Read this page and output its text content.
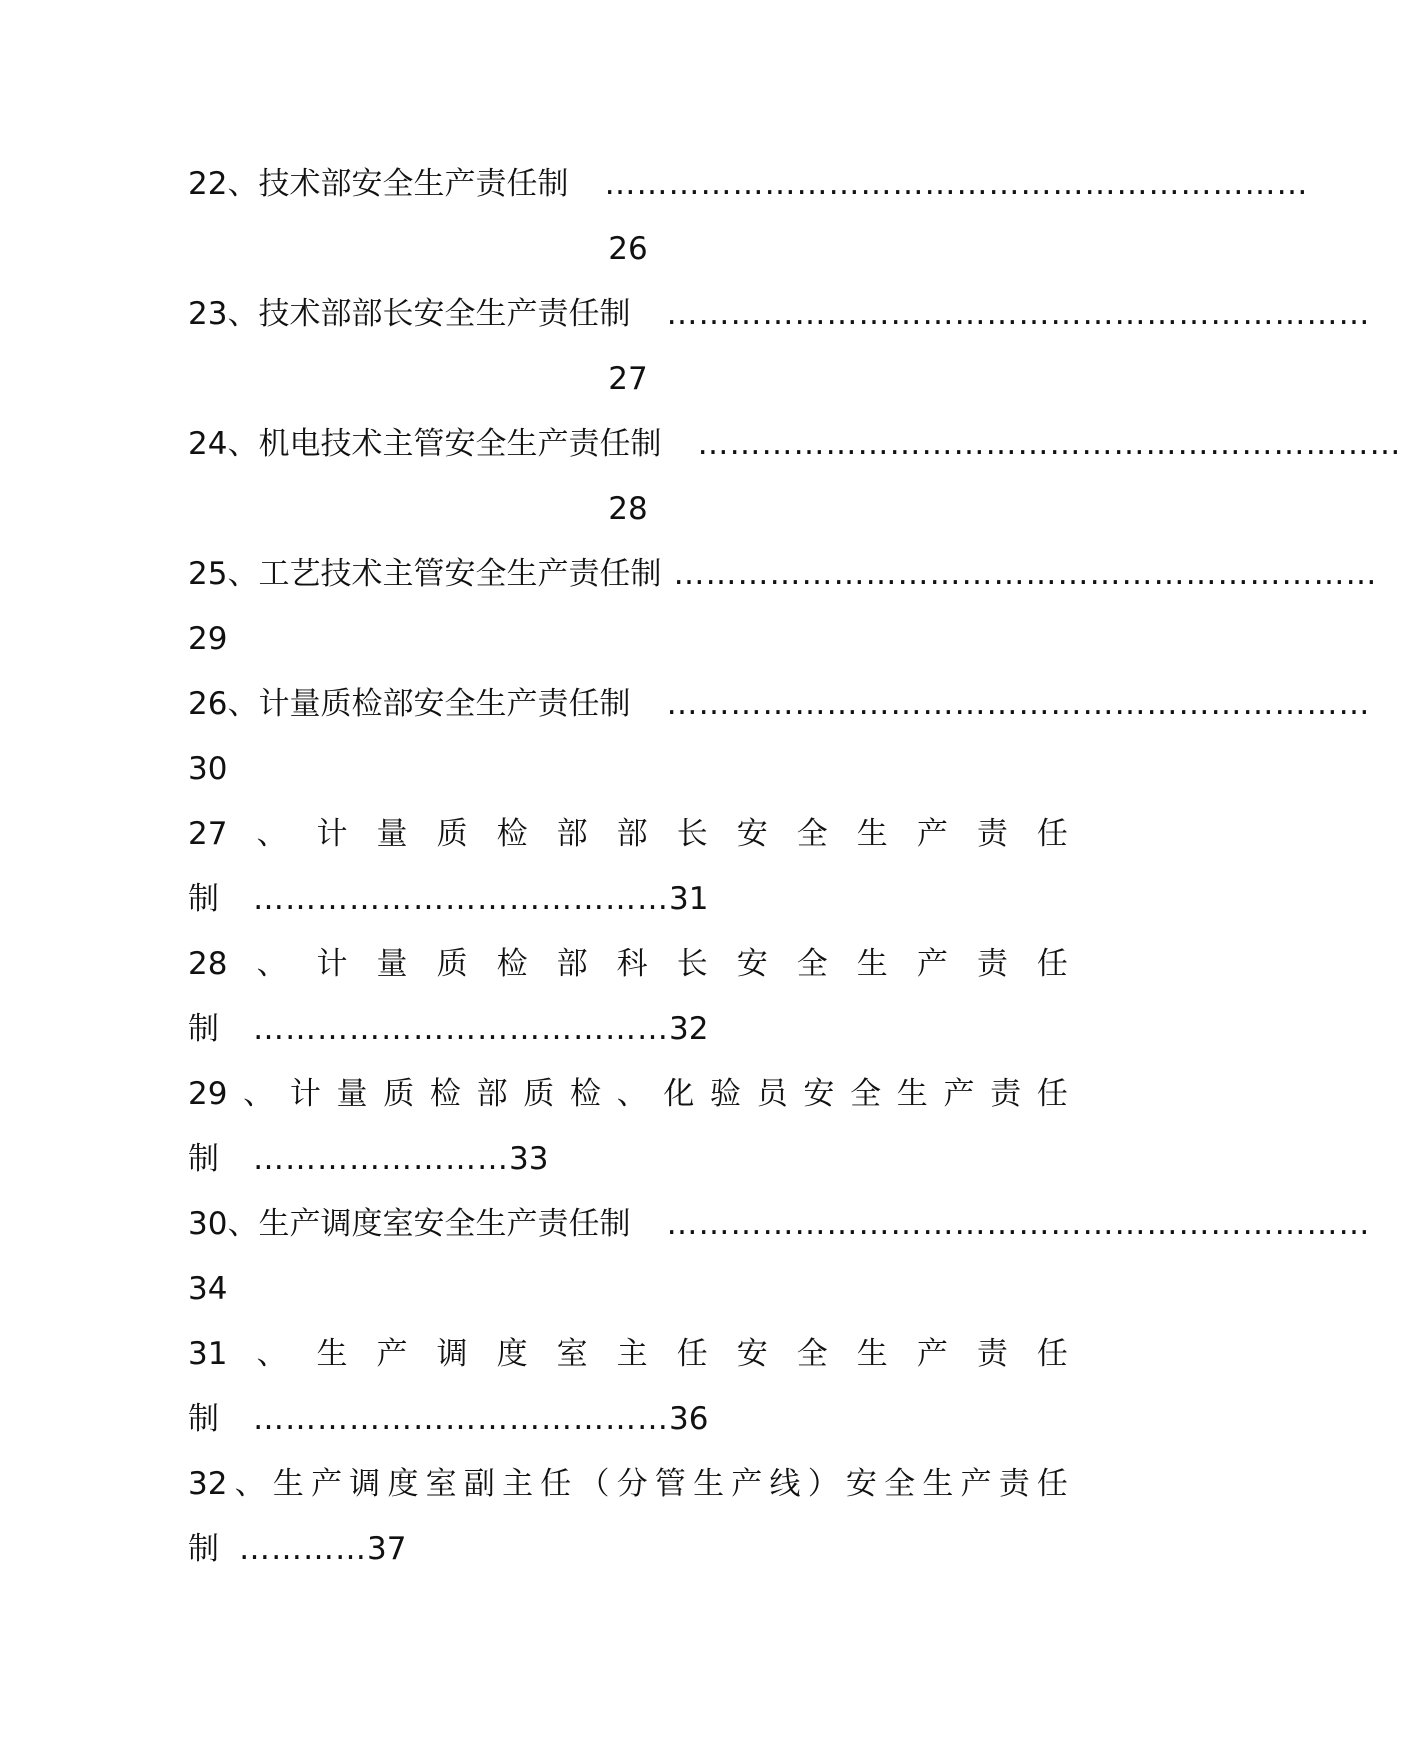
22、技术部安全生产责任制 …………………………………………………………
26
23、技术部部长安全生产责任制 …………………………………………………………
27
24、机电技术主管安全生产责任制 …………………………………………………………
28
25、工艺技术主管安全生产责任制 …………………………………………………………
29
26、计量质检部安全生产责任制 …………………………………………………………
30
27 、 计 量 质 检 部 部 长 安 全 生 产 责 任
制 ………………………………… 31
28 、 计 量 质 检 部 科 长 安 全 生 产 责 任
制 ………………………………… 32
29 、 计 量 质 检 部 质 检 、 化 验 员 安 全 生 产 责 任
制 …………………… 33
30、生产调度室安全生产责任制 …………………………………………………………
34
31 、 生 产 调 度 室 主 任 安 全 生 产 责 任
制 ………………………………… 36
32 、 生 产 调 度 室 副 主 任 （ 分 管 生 产 线 ） 安 全 生 产 责 任
制 ………… 37
